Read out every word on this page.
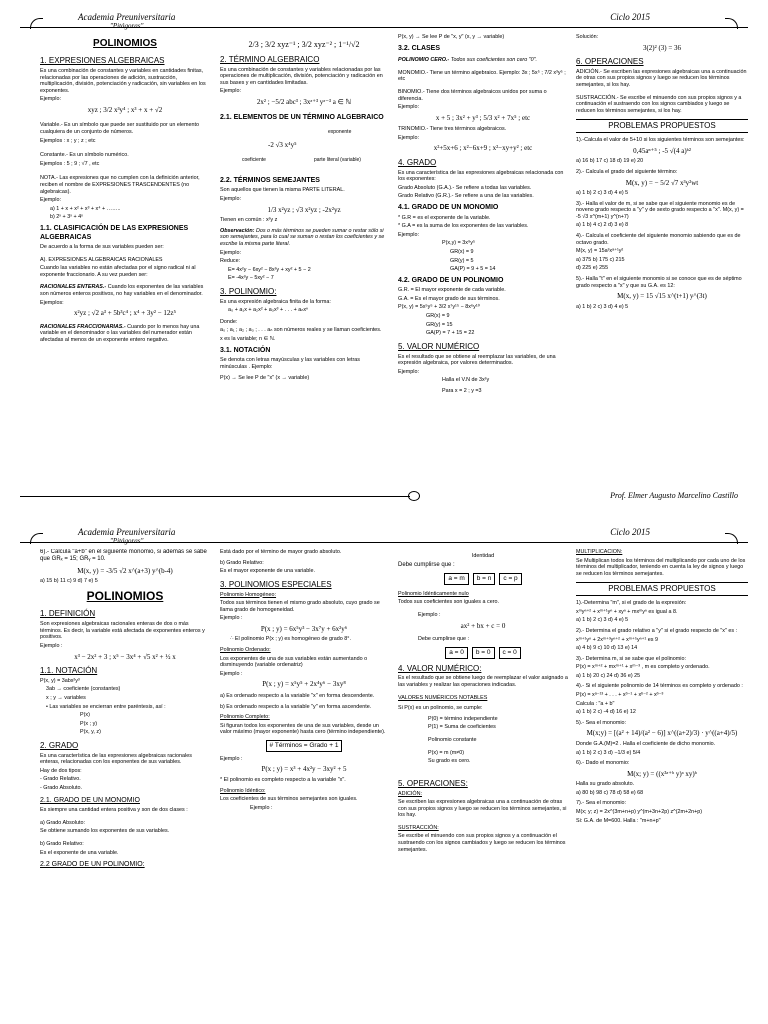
Academia Preuniversitaria
"Pitágoras"
Ciclo 2015
POLINOMIOS
1. EXPRESIONES ALGEBRAICAS

Es una combinación de constantes y variables en cantidades finitas, relacionadas por las operaciones de adición, sustracción, multiplicación, división, potenciación y radicación, sin variables en los exponentes.

Ejemplo:

xyz ; 3/2 x³y⁴ ; x³ + x + √2

Variable.- Es un símbolo que puede ser sustituido por un elemento cualquiera de un conjunto de números.

Ejemplos : x ; y ; z ; etc

Constante.- Es un símbolo numérico.

Ejemplos : 5 ; 9 ; √7 , etc

NOTA.- Las expresiones que no cumplen con la definición anterior, reciben el nombre de EXPRESIONES TRASCENDENTES (no algebraicas).

Ejemplo:

a) 1 + x + x² + x³ + x⁴ + ……..

b) 2ˣ + 3ˣ + 4ˣ

1.1. CLASIFICACIÓN DE LAS EXPRESIONES ALGEBRAICAS

De acuerdo a la forma de sus variables pueden ser:

A). EXPRESIONES ALGEBRAICAS RACIONALES

Cuando las variables no están afectadas por el signo radical ni al exponente fraccionario. A su vez pueden ser:

RACIONALES ENTERAS.- Cuando los exponentes de las variables son números enteros positivos, no hay variables en el denominador.

Ejemplos:

x²yz ; √2 a³ + 5b³c⁴ ; x⁴ + 3y² − 12z⁵

RACIONALES FRACCIONARIAS.- Cuando por lo menos hay una variable en el denominador o las variables del numerador están afectadas al menos de un exponente entero negativo.

2/3 ; 3/2 xyz⁻¹ ; 3/2 xyz⁻² ; 1⁻¹/√2
2. TÉRMINO ALGEBRAICO

Es una combinación de constantes y variables relacionadas por las operaciones de multiplicación, división, potenciación y radicación en sus bases y en cantidades limitadas.

Ejemplo:

2x² ; −5/2 abc³ ; 3xᵃ⁺³ yᵃ⁻³ a ∈ ℕ
2.1. ELEMENTOS DE UN TÉRMINO ALGEBRAICO
exponente
-2 √3 x⁴y⁵
coeficiente	parte literal (variable)
2.2. TÉRMINOS SEMEJANTES

Son aquellos que tienen la misma PARTE LITERAL.

Ejemplo:

1/3 x²yz ; √3 x²yz ; -2x²yz

Tienen en común : x²y z

Observación: Dos o más términos se pueden sumar o restar sólo si son semejantes, para lo cual se suman o restan los coeficientes y se escribe la misma parte literal.

Ejemplo:

Reduce:

E= 4x²y − 6xy² − 8x²y + xy² + 5 − 2

E= -4x²y − 5xy² − 7

3. POLINOMIO:

Es una expresión algebraica finita de la forma:

a₀ + a₁x + a₂x² + a₃x³ + . . . + aₙxⁿ

Donde:

a₀ ; a₁ ; a₂ ; a₃ ; . . . aₙ son números reales y se llaman coeficientes.

x es la variable; n ∈ ℕ.

3.1. NOTACIÓN

Se denota con letras mayúsculas y las variables con letras minúsculas . Ejemplo:

P(x) → Se lee P de "x" (x → variable)

P(x, y) → Se lee P de "x, y" (x, y → variable)

3.2. CLASES

POLINOMIO CERO.- Todos sus coeficientes son cero "0".

MONOMIO.- Tiene un término algebraico. Ejemplo: 3x ; 5x⁵ ; 7/2 x³y⁵ ; etc

BINOMIO.- Tiene dos términos algebraicos unidos por suma o diferencia.

Ejemplo:

x + 5 ; 3x² + y³ ; 5/3 x² + 7x⁵ ; etc

TRINOMIO.- Tiene tres términos algebraicos.

Ejemplo:

x²+5x+6 ; x²−6x+9 ; x²−xy+y² ; etc
4. GRADO

Es una característica de las expresiones algebraicas relacionada con los exponentes:

Grado Absoluto (G.A.).- Se refiere a todas las variables.

Grado Relativo (G.R.).- Se refiere a una de las variables.

4.1. GRADO DE UN MONOMIO

* G.R = es el exponente de la variable.

* G.A = es la suma de los exponentes de las variables.

Ejemplo:

P(x,y) = 3x⁹y⁵

GR(x) = 9

GR(y) = 5

GA(P) = 9 + 5 = 14

4.2. GRADO DE UN POLINOMIO

G.R. = El mayor exponente de cada variable.

G.A. = Es el mayor grado de sus términos.

P(x, y) = 5x⁵y⁵ + 3/2 x⁷y¹⁵ − 8x⁶y¹⁰

GR(x) = 9

GR(y) = 15

GA(P) = 7 + 15 = 22

5. VALOR NUMÉRICO

Es el resultado que se obtiene al reemplazar las variables, de una expresión algebraica, por valores determinados.

Ejemplo:

Halla el V.N de 3x²y

Para x = 2 ; y =3

Solución:

3(2)² (3) = 36
6. OPERACIONES

ADICIÓN.- Se escriben las expresiones algebraicas una a continuación de otras con sus propios signos y luego se reducen los términos semejantes, si los hay.

SUSTRACCIÓN.- Se escribe el minuendo con sus propios signos y a continuación el sustraendo con los signos cambiados y luego se reducen los términos semejantes, si los hay.

PROBLEMAS PROPUESTOS

1).-Calcula el valor de 5+10 si los siguientes términos son semejantes:

0,45aⁿ⁺⁵ ; -5 √(4 a)ᵇ²
a) 16 b) 17 c) 18 d) 19 e) 20

2).- Calcula el grado del siguiente término:

M(x, y) = − 5/2 √7 x³y²wt
a) 1 b) 2 c) 3 d) 4 e) 5

3).- Halla el valor de m, si se sabe que el siguiente monomio es de noveno grado respecto a "y" y de sexto grado respecto a "x". M(x, y) = -5 √3 x^(m+1) y^(n+7)

a) 1 b) 4 c) 2 d) 3 e) 8

4).- Calcula el coeficiente del siguiente monomio sabiendo que es de octavo grado.

M(x, y) = 15a²xᵃ⁺¹y²

a) 375 b) 175 c) 215

d) 225 e) 255

5).- Halla "t" en el siguiente monomio si se conoce que es de séptimo grado respecto a "x" y que su G.A. es 12:

M(x, y) = 15 √15 x^(t+1) y^(3t)
a) 1 b) 2 c) 3 d) 4 e) 5
Prof. Elmer Augusto Marcelino Castillo
Academia Preuniversitaria
"Pitágoras"
Ciclo 2015

6).- Calcula "a+b" en el siguiente monomio, si además se sabe que GRₓ = 15; GRᵧ = 10.

M(x, y) = -3/5 √2 x^(a+3) y^(b-4)
a) 15 b) 11 c) 9 d) 7 e) 5
POLINOMIOS
1. DEFINICIÓN

Son expresiones algebraicas racionales enteras de dos o más términos. Es decir, la variable está afectada de exponentes enteros y positivos.

Ejemplo :

x³ − 2x² + 3 ; x⁵ − 3x⁴ + √5 x² + ½ x
1.1. NOTACIÓN

P(x, y) = 3abx²y³

3ab → coeficiente (constantes)

x ; y → variables

• Las variables se encierran entre paréntesis, así :

P(x)

P(x ; y)

P(x, y, z)

2. GRADO

Es una característica de las expresiones algebraicas racionales enteras, relacionadas con los exponentes de sus variables.

Hay de dos tipos:

- Grado Relativo.

- Grado Absoluto.

2.1. GRADO DE UN MONOMIO

Es siempre una cantidad entera positiva y son de dos clases :

a) Grado Absoluto:

Se obtiene sumando los exponentes de sus variables.

b) Grado Relativo:

Es el exponente de una variable.

2.2 GRADO DE UN POLINOMIO:

Está dado por el término de mayor grado absoluto.

b) Grado Relativo:

Es el mayor exponente de una variable.

3. POLINOMIOS ESPECIALES

Polinomio Homogéneo:

Todos sus términos tienen el mismo grado absoluto, cuyo grado se llama grado de homogeneidad.

Ejemplo :

P(x ; y) = 6x⁵y³ − 3x⁷y + 6x²y⁶

∴ El polinomio P(x ; y) es homogéneo de grado 8°.

Polinomio Ordenado:

Los exponentes de una de sus variables están aumentando o disminuyendo (variable ordenatriz)

Ejemplo :

P(x ; y) = x⁵y⁵ + 2x⁴y⁶ − 3xy⁸

a) Es ordenado respecto a la variable "x" en forma descendente.

b) Es ordenado respecto a la variable "y" en forma ascendente.

Polinomio Completo:

Si figuran todos los exponentes de una de sus variables, desde un valor máximo (mayor exponente) hasta cero (término independiente).

# Términos = Grado + 1

Ejemplo :

P(x ; y) = x³ + 4x²y − 3xy² + 5

* El polinomio es completo respecto a la variable "x".

Polinomio Idéntico:

Los coeficientes de sus términos semejantes son iguales.

Ejemplo :

Identidad

Debe cumplirse que :

a = m b = n c = p

Polinomio Idénticamente nulo

Todos sus coeficientes son iguales a cero.

Ejemplo :

ax² + bx + c = 0

Debe cumplirse que :

a = 0 b = 0 c = 0
4. VALOR NUMÉRICO:

Es el resultado que se obtiene luego de reemplazar el valor asignado a las variables y realizar las operaciones indicadas.

VALORES NUMÉRICOS NOTABLES

Si P(x) es un polinomio, se cumple:

P(0) = término independiente

P(1) = Suma de coeficientes

Polinomio constante

P(x) = m (m≠0)

Su grado es cero.

5. OPERACIONES:

ADICIÓN:

Se escriben las expresiones algebraicas una a continuación de otras con sus propios signos y luego se reducen los términos semejantes, si los hay.

SUSTRACCIÓN:

Se escribe el minuendo con sus propios signos y a continuación el sustraendo con los signos cambiados y luego se reducen los términos semejantes.

MULTIPLICACIÓN:

Se Multiplican todos los términos del multiplicando por cada uno de los términos del multiplicador, teniendo en cuenta la ley de signos y luego se reducen los términos semejantes.

PROBLEMAS PROPUESTOS

1).-Determina "m", si el grado de la expresión:

xᵐyⁿ⁺² + xᵐ⁺¹yⁿ + xyⁿ + mxᵐyⁿ es igual a 8.

a) 1 b) 2 c) 3 d) 4 e) 5

2).- Determina el grado relativo a "y" si el grado respecto de "x" es :

xᵐ⁺¹yⁿ + 2xᵐ⁺³yⁿ⁺² + xᵐ⁺⁵yⁿ⁺¹ es 9

a) 4 b) 9 c) 10 d) 13 e) 14

3).- Determina m, si se sabe que el polinomio:

P(x) = xᵐ⁺² + mxᵐ⁺¹ + xᵐ⁻³ , m es completo y ordenado.

a) 1 b) 20 c) 24 d) 36 e) 25

4).- Si el siguiente polinomio de 14 términos es completo y ordenado :

P(x) = xᵃ⁻¹³ + . . . + xᵇ⁻¹ + xᵇ⁻² + xᵇ⁻³

Calcula : "a + b"

a) 1 b) 2 c) -4 d) 16 e) 12

5).- Sea el monomio:

M(x;y) = [(a² + 14)/(a² − 6)] x^((a+2)/3) · y^((a+4)/5)

Donde G.A.(M)=2 . Halla el coeficiente de dicho monomio.

a) 1 b) 2 c) 3 d) −1/3 e) 5/4

6).- Dado el monomio:

M(x; y) = ((x³ᵃ⁺ᵇ y)ᵃ xy)ᵇ

Halla su grado absoluto.

a) 80 b) 98 c) 78 d) 58 e) 68

7).- Sea el monomio:

M(x; y; z) = 2x^(3m+n+p) y^(m+3n+2p) z^(2m+2n+p)

Si: G.A. de M=600. Halla : "m+n+p"
